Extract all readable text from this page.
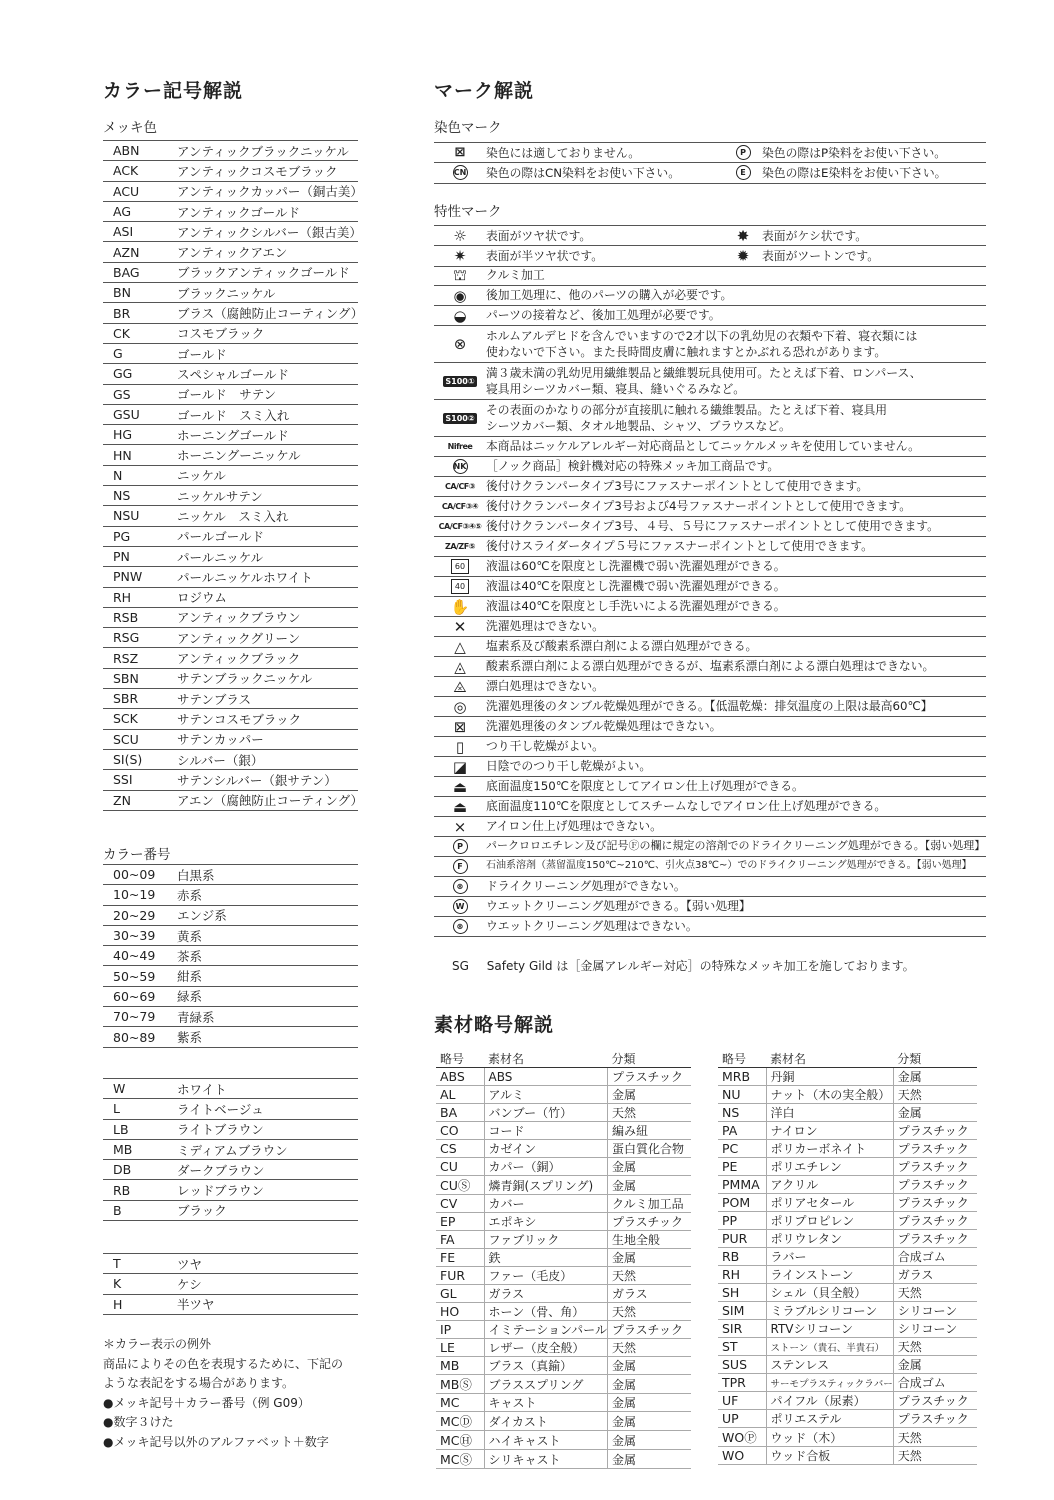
カラー記号解説
メッキ色
ABN	アンティックブラックニッケル
ACK	アンティックコスモブラック
ACU	アンティックカッパー（銅古美）
AG	アンティックゴールド
ASI	アンティックシルバー（銀古美）
AZN	アンティックアエン
BAG	ブラックアンティックゴールド
BN	ブラックニッケル
BR	ブラス（腐蝕防止コーティング）
CK	コスモブラック
G	ゴールド
GG	スペシャルゴールド
GS	ゴールド　サテン
GSU	ゴールド　スミ入れ
HG	ホーニングゴールド
HN	ホーニングーニッケル
N	ニッケル
NS	ニッケルサテン
NSU	ニッケル　スミ入れ
PG	パールゴールド
PN	パールニッケル
PNW	パールニッケルホワイト
RH	ロジウム
RSB	アンティックブラウン
RSG	アンティックグリーン
RSZ	アンティックブラック
SBN	サテンブラックニッケル
SBR	サテンブラス
SCK	サテンコスモブラック
SCU	サテンカッパー
SI(S)	シルバー（銀）
SSI	サテンシルバー（銀サテン）
ZN	アエン（腐蝕防止コーティング）
カラー番号
00~09	白黒系
10~19	赤系
20~29	エンジ系
30~39	黄系
40~49	茶系
50~59	紺系
60~69	緑系
70~79	青緑系
80~89	紫系
W	ホワイト
L	ライトベージュ
LB	ライトブラウン
MB	ミディアムブラウン
DB	ダークブラウン
RB	レッドブラウン
B	ブラック
T	ツヤ
K	ケシ
H	半ツヤ
＊カラー表示の例外
商品によりその色を表現するために、下記の
ような表記をする場合があります。
●メッキ記号＋カラー番号（例 G09）
●数字３けた
●メッキ記号以外のアルファベット＋数字
マーク解説
染色マーク
⊠ 染色には適しておりません。	P	染色の際はP染料をお使い下さい。
CN 染色の際はCN染料をお使い下さい。	E	染色の際はE染料をお使い下さい。
特性マーク
☼ 表面がツヤ状です。	✸ 表面がケシ状です。
✷ 表面が半ツヤ状です。	✹ 表面がツートンです。
⛫ クルミ加工
◉ 後加工処理に、他のパーツの購入が必要です。
◒ パーツの接着など、後加工処理が必要です。
⊗ ホルムアルデヒドを含んでいますので2才以下の乳幼児の衣類や下着、寝衣類には
使わないで下さい。また長時間皮膚に触れますとかぶれる恐れがあります。
S100①
満３歳未満の乳幼児用繊維製品と繊維製玩具使用可。たとえば下着、ロンパース、
寝具用シーツカバー類、寝具、縫いぐるみなど。
S100②
その表面のかなりの部分が直接肌に触れる繊維製品。たとえば下着、寝具用
シーツカバー類、タオル地製品、シャツ、ブラウスなど。
Nifree 本商品はニッケルアレルギー対応商品としてニッケルメッキを使用していません。
NK ［ノック商品］検針機対応の特殊メッキ加工商品です。
CA/CF③ 後付けクランパータイプ3号にファスナーポイントとして使用できます。
CA/CF③④ 後付けクランパータイプ3号および4号ファスナーポイントとして使用できます。
CA/CF③④⑤ 後付けクランパータイプ3号、４号、５号にファスナーポイントとして使用できます。
ZA/ZF⑤ 後付けスライダータイプ５号にファスナーポイントとして使用できます。
60	液温は60℃を限度とし洗濯機で弱い洗濯処理ができる。
40	液温は40℃を限度とし洗濯機で弱い洗濯処理ができる。
✋ 液温は40℃を限度とし手洗いによる洗濯処理ができる。
✕ 洗濯処理はできない。
△ 塩素系及び酸素系漂白剤による漂白処理ができる。
◬ 酸素系漂白剤による漂白処理ができるが、塩素系漂白剤による漂白処理はできない。
⨻ 漂白処理はできない。
◎ 洗濯処理後のタンブル乾燥処理ができる。【低温乾燥：排気温度の上限は最高60℃】
⊠ 洗濯処理後のタンブル乾燥処理はできない。
▯ つり干し乾燥がよい。
◪ 日陰でのつり干し乾燥がよい。
⏏ 底面温度150℃を限度としてアイロン仕上げ処理ができる。
⏏ 底面温度110℃を限度としてスチームなしでアイロン仕上げ処理ができる。
⨯ アイロン仕上げ処理はできない。
P	パークロロエチレン及び記号Ⓕの欄に規定の溶剤でのドライクリーニング処理ができる。【弱い処理】
F	石油系溶剤（蒸留温度150℃~210℃、引火点38℃~）でのドライクリーニング処理ができる。【弱い処理】
⊗	ドライクリーニング処理ができない。
W ウエットクリーニング処理ができる。【弱い処理】
⊗	ウエットクリーニング処理はできない。
SG Safety Gild は［金属アレルギー対応］の特殊なメッキ加工を施しております。
素材略号解説
略号	素材名	分類
ABS	ABS	プラスチック
AL	アルミ	金属
BA	バンブー（竹）	天然
CO	コード	編み紐
CS	カゼイン	蛋白質化合物
CU	カパー（銅）	金属
CUⓈ	燐青銅(スプリング)	金属
CV	カバー	クルミ加工品
EP	エポキシ	プラスチック
FA	ファブリック	生地全般
FE	鉄	金属
FUR	ファー（毛皮）	天然
GL	ガラス	ガラス
HO	ホーン（骨、角）	天然
IP	イミテーションパール	プラスチック
LE	レザー（皮全般）	天然
MB	ブラス（真鍮）	金属
MBⓈ	ブラススプリング	金属
MC	キャスト	金属
MCⒹ	ダイカスト	金属
MCⒽ	ハイキャスト	金属
MCⓈ	シリキャスト	金属
略号	素材名	分類
MRB	丹銅	金属
NU	ナット（木の実全般）	天然
NS	洋白	金属
PA	ナイロン	プラスチック
PC	ポリカーボネイト	プラスチック
PE	ポリエチレン	プラスチック
PMMA	アクリル	プラスチック
POM	ポリアセタール	プラスチック
PP	ポリプロピレン	プラスチック
PUR	ポリウレタン	プラスチック
RB	ラバー	合成ゴム
RH	ラインストーン	ガラス
SH	シェル（貝全般）	天然
SIM	ミラブルシリコーン	シリコーン
SIR	RTVシリコーン	シリコーン
ST	ストーン（貴石、半貴石）	天然
SUS	ステンレス	金属
TPR	サーモプラスティックラバー	合成ゴム
UF	パイフル（尿素）	プラスチック
UP	ポリエステル	プラスチック
WOⓅ	ウッド（木）	天然
WO	ウッド合板	天然
